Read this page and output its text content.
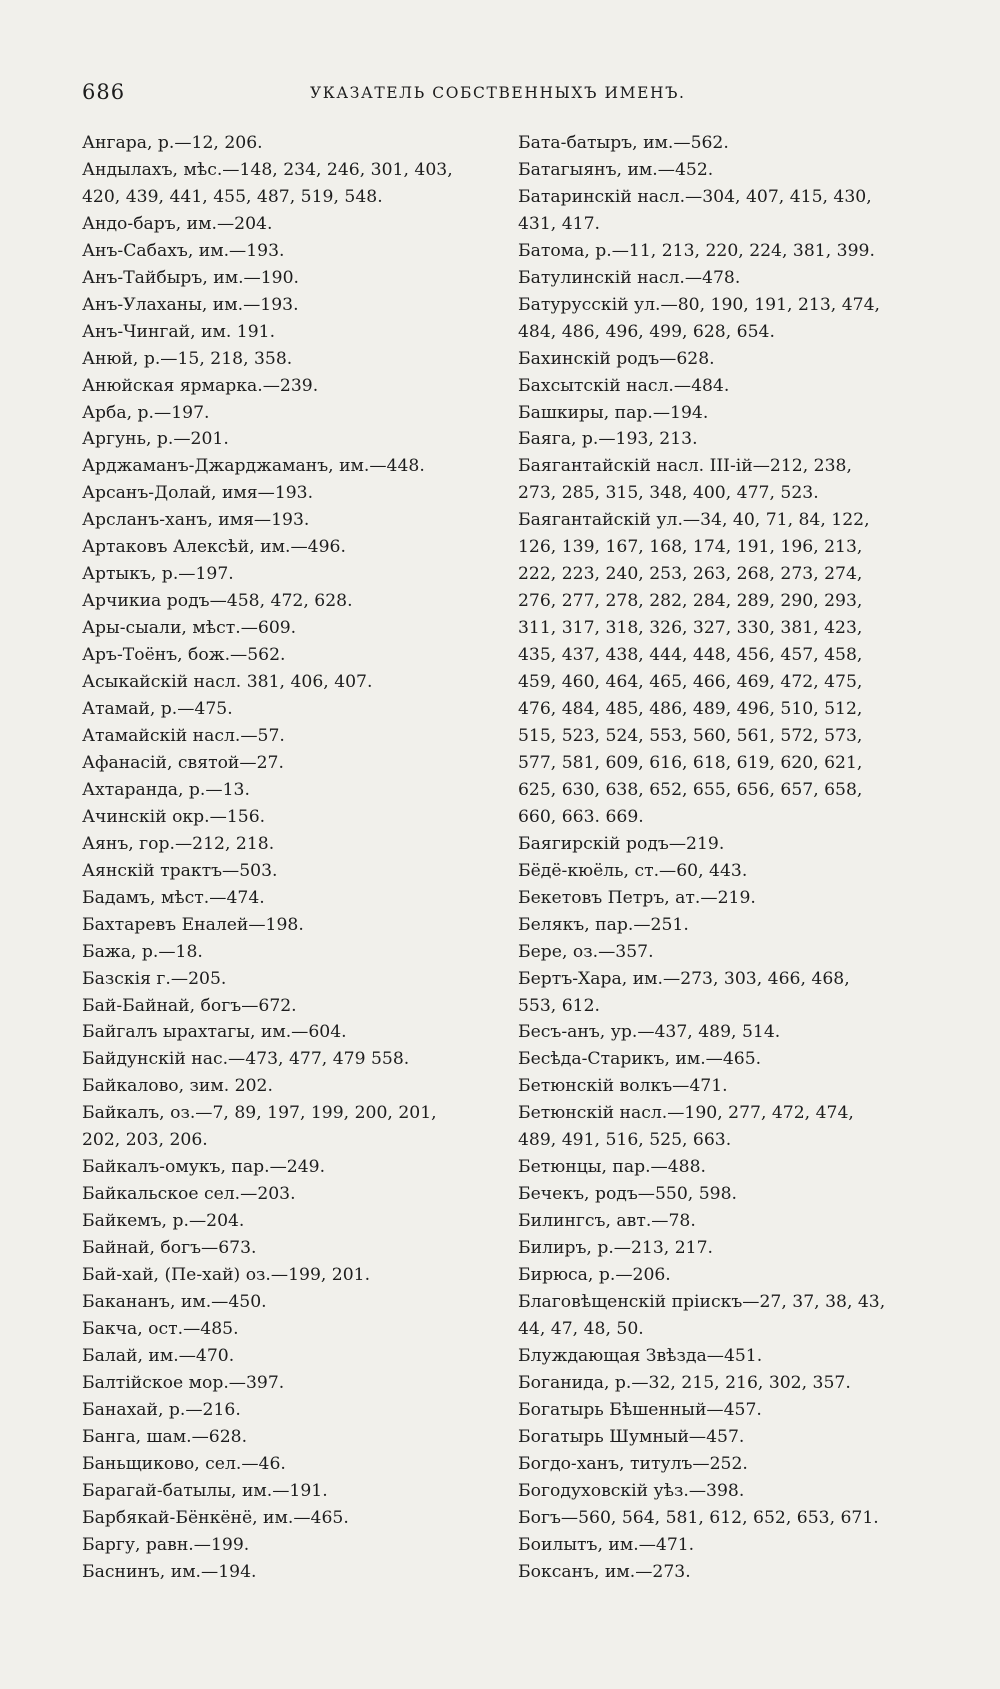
686	УКАЗАТЕЛЬ СОБСТВЕННЫХЪ ИМЕНЪ.
Ангара, р.—12, 206.
Андылахъ, мѣс.—148, 234, 246, 301, 403,
420, 439, 441, 455, 487, 519, 548.
Андо-баръ, им.—204.
Анъ-Сабахъ, им.—193.
Анъ-Тайбыръ, им.—190.
Анъ-Улаханы, им.—193.
Анъ-Чингай, им. 191.
Анюй, р.—15, 218, 358.
Анюйская ярмарка.—239.
Арба, р.—197.
Аргунь, р.—201.
Арджаманъ-Джарджаманъ, им.—448.
Арсанъ-Долай, имя—193.
Арсланъ-ханъ, имя—193.
Артаковъ Алексѣй, им.—496.
Артыкъ, р.—197.
Арчикиа родъ—458, 472, 628.
Ары-сыали, мѣст.—609.
Аръ-Тоёнъ, бож.—562.
Асыкайскій насл. 381, 406, 407.
Атамай, р.—475.
Атамайскій насл.—57.
Афанасій, святой—27.
Ахтаранда, р.—13.
Ачинскій окр.—156.
Аянъ, гор.—212, 218.
Аянскій трактъ—503.
Бадамъ, мѣст.—474.
Бахтаревъ Еналей—198.
Бажа, р.—18.
Базскія г.—205.
Бай-Байнай, богъ—672.
Байгалъ ырахтагы, им.—604.
Байдунскій нас.—473, 477, 479 558.
Байкалово, зим. 202.
Байкалъ, оз.—7, 89, 197, 199, 200, 201,
202, 203, 206.
Байкалъ-омукъ, пар.—249.
Байкальское сел.—203.
Байкемъ, р.—204.
Байнай, богъ—673.
Бай-хай, (Пе-хай) оз.—199, 201.
Бакананъ, им.—450.
Бакча, ост.—485.
Балай, им.—470.
Балтійское мор.—397.
Банахай, р.—216.
Банга, шам.—628.
Баньщиково, сел.—46.
Барагай-батылы, им.—191.
Барбякай-Бёнкёнё, им.—465.
Баргу, равн.—199.
Баснинъ, им.—194.
Бата-батыръ, им.—562.
Батагыянъ, им.—452.
Батаринскій насл.—304, 407, 415, 430,
431, 417.
Батома, р.—11, 213, 220, 224, 381, 399.
Батулинскій насл.—478.
Батурусскій ул.—80, 190, 191, 213, 474,
484, 486, 496, 499, 628, 654.
Бахинскій родъ—628.
Бахсытскій насл.—484.
Башкиры, пар.—194.
Баяга, р.—193, 213.
Баягантайскій насл. III-ій—212, 238,
273, 285, 315, 348, 400, 477, 523.
Баягантайскій ул.—34, 40, 71, 84, 122,
126, 139, 167, 168, 174, 191, 196, 213,
222, 223, 240, 253, 263, 268, 273, 274,
276, 277, 278, 282, 284, 289, 290, 293,
311, 317, 318, 326, 327, 330, 381, 423,
435, 437, 438, 444, 448, 456, 457, 458,
459, 460, 464, 465, 466, 469, 472, 475,
476, 484, 485, 486, 489, 496, 510, 512,
515, 523, 524, 553, 560, 561, 572, 573,
577, 581, 609, 616, 618, 619, 620, 621,
625, 630, 638, 652, 655, 656, 657, 658,
660, 663. 669.
Баягирскій родъ—219.
Бёдё-кюёль, ст.—60, 443.
Бекетовъ Петръ, ат.—219.
Белякъ, пар.—251.
Бере, оз.—357.
Бертъ-Хара, им.—273, 303, 466, 468,
553, 612.
Бесъ-анъ, ур.—437, 489, 514.
Бесѣда-Старикъ, им.—465.
Бетюнскій волкъ—471.
Бетюнскій насл.—190, 277, 472, 474,
489, 491, 516, 525, 663.
Бетюнцы, пар.—488.
Бечекъ, родъ—550, 598.
Билингсъ, авт.—78.
Билиръ, р.—213, 217.
Бирюса, р.—206.
Благовѣщенскій пріискъ—27, 37, 38, 43,
44, 47, 48, 50.
Блуждающая Звѣзда—451.
Боганида, р.—32, 215, 216, 302, 357.
Богатырь Бѣшенный—457.
Богатырь Шумный—457.
Богдо-ханъ, титулъ—252.
Богодуховскій уѣз.—398.
Богъ—560, 564, 581, 612, 652, 653, 671.
Боилытъ, им.—471.
Боксанъ, им.—273.
